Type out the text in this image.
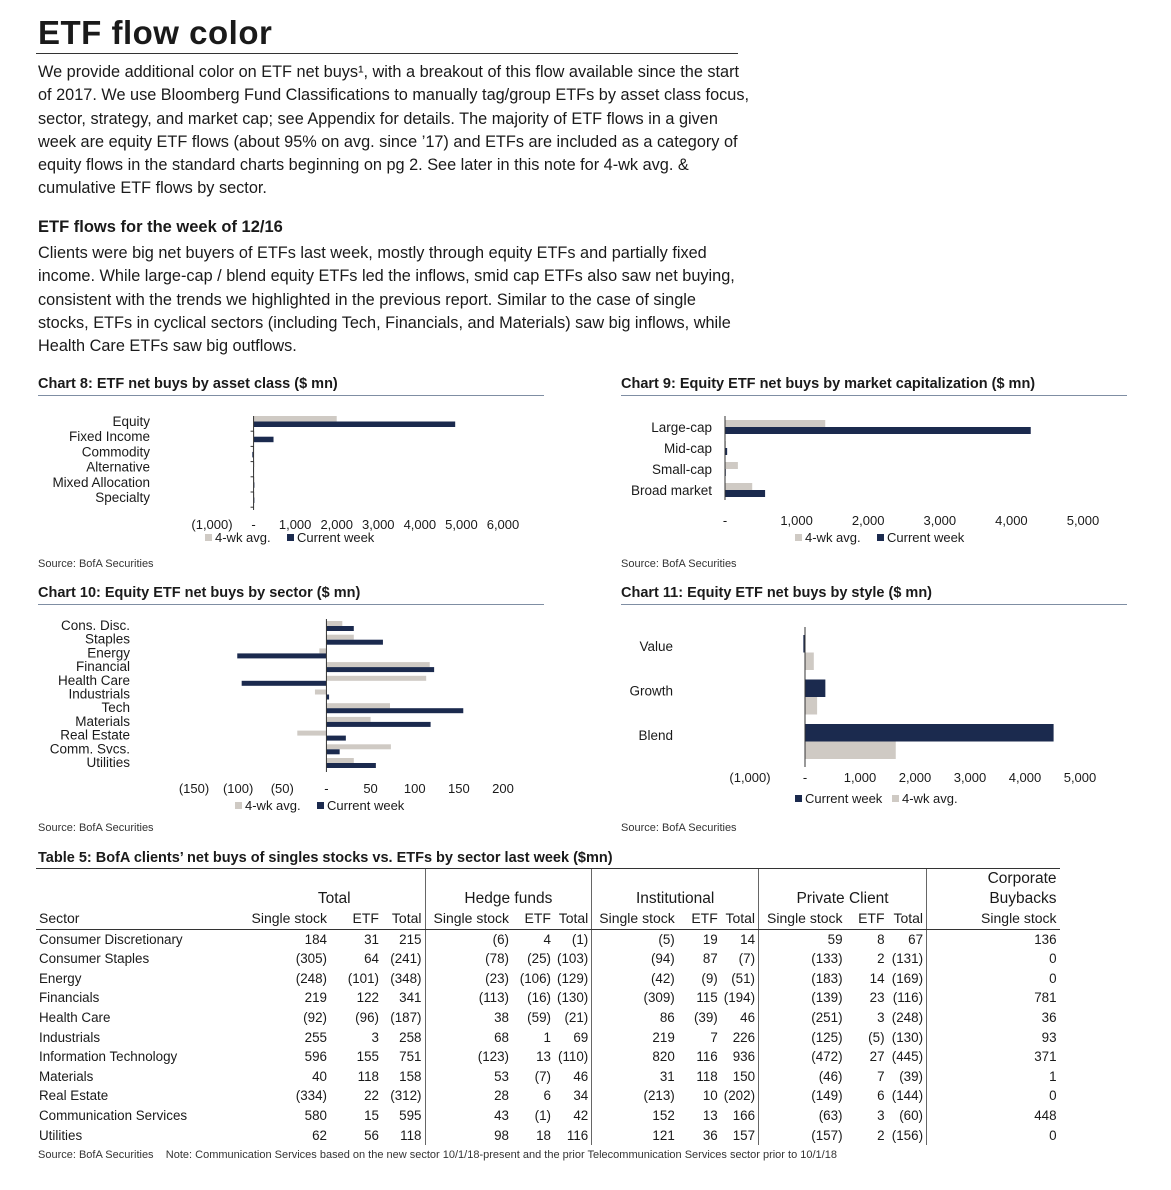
ETF flow color
We provide additional color on ETF net buys¹, with a breakout of this flow available since the start of 2017. We use Bloomberg Fund Classifications to manually tag/group ETFs by asset class focus, sector, strategy, and market cap; see Appendix for details. The majority of ETF flows in a given week are equity ETF flows (about 95% on avg. since ’17) and ETFs are included as a category of equity flows in the standard charts beginning on pg 2. See later in this note for 4-wk avg. & cumulative ETF flows by sector.
ETF flows for the week of 12/16
Clients were big net buyers of ETFs last week, mostly through equity ETFs and partially fixed income. While large-cap / blend equity ETFs led the inflows, smid cap ETFs also saw net buying, consistent with the trends we highlighted in the previous report. Similar to the case of single stocks, ETFs in cyclical sectors (including Tech, Financials, and Materials) saw big inflows, while Health Care ETFs saw big outflows.
Chart 8: ETF net buys by asset class ($ mn)
Equity
Fixed Income
Commodity
Alternative
Mixed Allocation
Specialty
(1,000) - 1,000 2,000 3,000 4,000 5,000 6,000
4-wk avg. Current week
Source: BofA Securities
Chart 9: Equity ETF net buys by market capitalization ($ mn)
Large-cap
Mid-cap
Small-cap
Broad market
-	1,000	2,000	3,000	4,000	5,000
4-wk avg. Current week
Source: BofA Securities
Chart 10: Equity ETF net buys by sector ($ mn)
Cons. Disc.
Staples
Energy
Financial
Health Care
Industrials
Tech
Materials
Real Estate
Comm. Svcs.
Utilities
(150) (100) (50) -	50 100 150 200
4-wk avg. Current week
Source: BofA Securities
Chart 11: Equity ETF net buys by style ($ mn)
Value
Growth
Blend
(1,000) -	1,000 2,000 3,000 4,000 5,000
Current week 4-wk avg.
Source: BofA Securities
Table 5: BofA clients’ net buys of singles stocks vs. ETFs by sector last week ($mn)
	Total			Hedge funds			Institutional			Private Client			Corporate Buybacks
Sector	Single stock	ETF	Total	Single stock	ETF	Total	Single stock	ETF	Total	Single stock	ETF	Total	Single stock
Consumer Discretionary	184	31	215	(6)	4	(1)	(5)	19	14	59	8	67	136
Consumer Staples	(305)	64	(241)	(78)	(25)	(103)	(94)	87	(7)	(133)	2	(131)	0
Energy	(248)	(101)	(348)	(23)	(106)	(129)	(42)	(9)	(51)	(183)	14	(169)	0
Financials	219	122	341	(113)	(16)	(130)	(309)	115	(194)	(139)	23	(116)	781
Health Care	(92)	(96)	(187)	38	(59)	(21)	86	(39)	46	(251)	3	(248)	36
Industrials	255	3	258	68	1	69	219	7	226	(125)	(5)	(130)	93
Information Technology	596	155	751	(123)	13	(110)	820	116	936	(472)	27	(445)	371
Materials	40	118	158	53	(7)	46	31	118	150	(46)	7	(39)	1
Real Estate	(334)	22	(312)	28	6	34	(213)	10	(202)	(149)	6	(144)	0
Communication Services	580	15	595	43	(1)	42	152	13	166	(63)	3	(60)	448
Utilities	62	56	118	98	18	116	121	36	157	(157)	2	(156)	0
Source: BofA Securities Note: Communication Services based on the new sector 10/1/18-present and the prior Telecommunication Services sector prior to 10/1/18
